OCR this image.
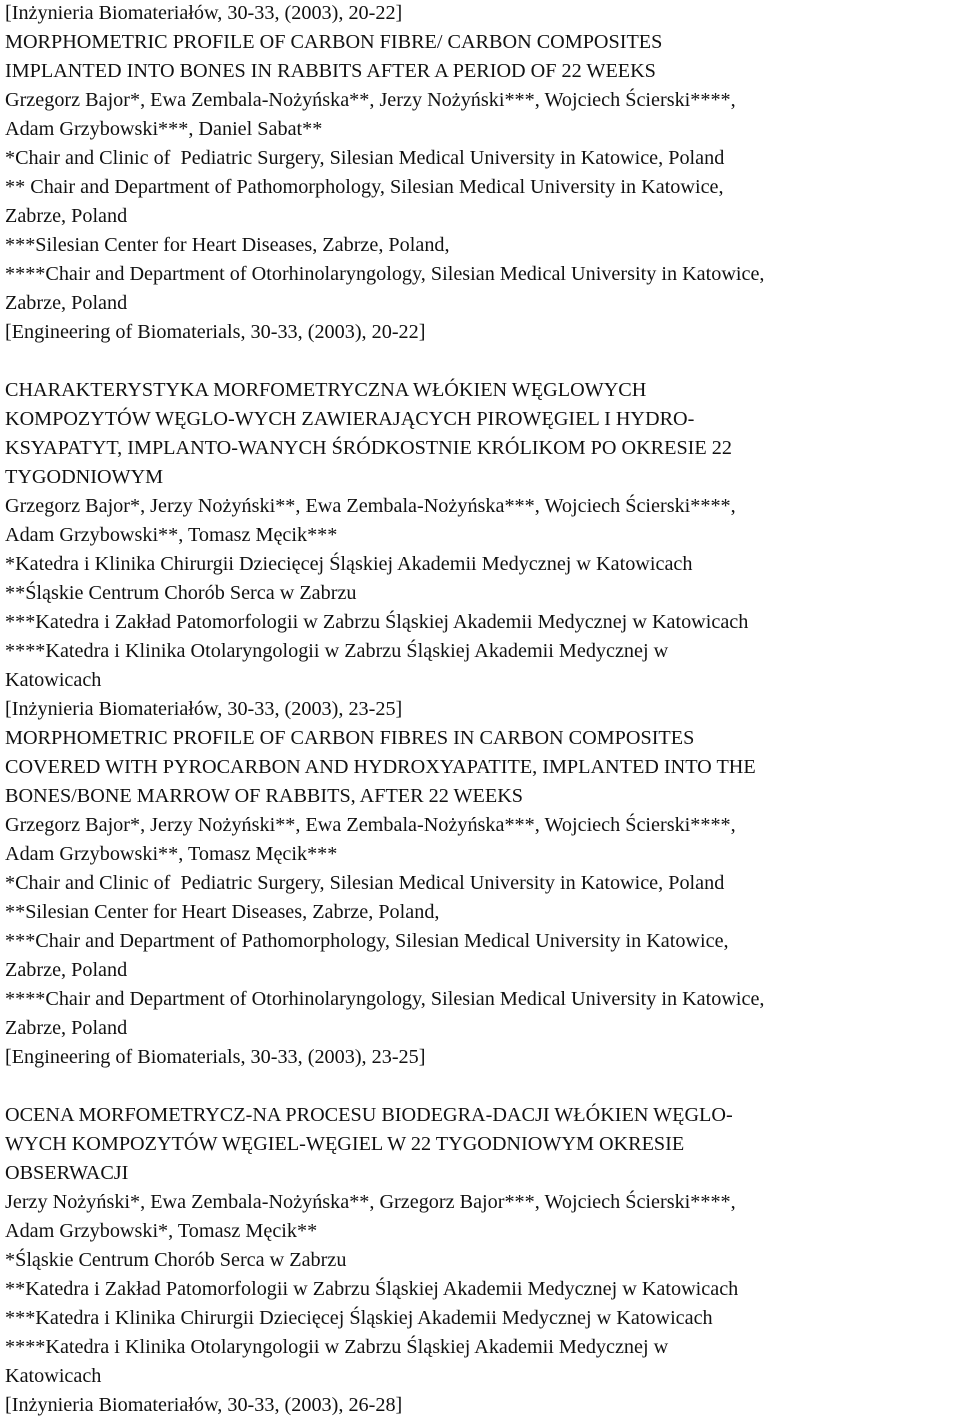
[Inżynieria Biomateriałów, 30-33, (2003), 20-22]
MORPHOMETRIC PROFILE OF CARBON FIBRE/ CARBON COMPOSITES
IMPLANTED INTO BONES IN RABBITS AFTER A PERIOD OF 22 WEEKS
Grzegorz Bajor*, Ewa Zembala-Nożyńska**, Jerzy Nożyński***, Wojciech Ścierski****,
Adam Grzybowski***, Daniel Sabat**
*Chair and Clinic of  Pediatric Surgery, Silesian Medical University in Katowice, Poland
** Chair and Department of Pathomorphology, Silesian Medical University in Katowice,
Zabrze, Poland
***Silesian Center for Heart Diseases, Zabrze, Poland,
****Chair and Department of Otorhinolaryngology, Silesian Medical University in Katowice,
Zabrze, Poland
[Engineering of Biomaterials, 30-33, (2003), 20-22]
CHARAKTERYSTYKA MORFOMETRYCZNA WŁÓKIEN WĘGLOWYCH
KOMPOZYTÓW WĘGLO-WYCH ZAWIERAJĄCYCH PIROWĘGIEL I HYDRO-
KSYAPATYT, IMPLANTO-WANYCH ŚRÓDKOSTNIE KRÓLIKOM PO OKRESIE 22
TYGODNIOWYM
Grzegorz Bajor*, Jerzy Nożyński**, Ewa Zembala-Nożyńska***, Wojciech Ścierski****,
Adam Grzybowski**, Tomasz Męcik***
*Katedra i Klinika Chirurgii Dziecięcej Śląskiej Akademii Medycznej w Katowicach
**Śląskie Centrum Chorób Serca w Zabrzu
***Katedra i Zakład Patomorfologii w Zabrzu Śląskiej Akademii Medycznej w Katowicach
****Katedra i Klinika Otolaryngologii w Zabrzu Śląskiej Akademii Medycznej w
Katowicach
[Inżynieria Biomateriałów, 30-33, (2003), 23-25]
MORPHOMETRIC PROFILE OF CARBON FIBRES IN CARBON COMPOSITES
COVERED WITH PYROCARBON AND HYDROXYAPATITE, IMPLANTED INTO THE
BONES/BONE MARROW OF RABBITS, AFTER 22 WEEKS
Grzegorz Bajor*, Jerzy Nożyński**, Ewa Zembala-Nożyńska***, Wojciech Ścierski****,
Adam Grzybowski**, Tomasz Męcik***
*Chair and Clinic of  Pediatric Surgery, Silesian Medical University in Katowice, Poland
**Silesian Center for Heart Diseases, Zabrze, Poland,
***Chair and Department of Pathomorphology, Silesian Medical University in Katowice,
Zabrze, Poland
****Chair and Department of Otorhinolaryngology, Silesian Medical University in Katowice,
Zabrze, Poland
[Engineering of Biomaterials, 30-33, (2003), 23-25]
OCENA MORFOMETRYCZ-NA PROCESU BIODEGRA-DACJI WŁÓKIEN WĘGLO-
WYCH KOMPOZYTÓW WĘGIEL-WĘGIEL W 22 TYGODNIOWYM OKRESIE
OBSERWACJI
Jerzy Nożyński*, Ewa Zembala-Nożyńska**, Grzegorz Bajor***, Wojciech Ścierski****,
Adam Grzybowski*, Tomasz Męcik**
*Śląskie Centrum Chorób Serca w Zabrzu
**Katedra i Zakład Patomorfologii w Zabrzu Śląskiej Akademii Medycznej w Katowicach
***Katedra i Klinika Chirurgii Dziecięcej Śląskiej Akademii Medycznej w Katowicach
****Katedra i Klinika Otolaryngologii w Zabrzu Śląskiej Akademii Medycznej w
Katowicach
[Inżynieria Biomateriałów, 30-33, (2003), 26-28]
